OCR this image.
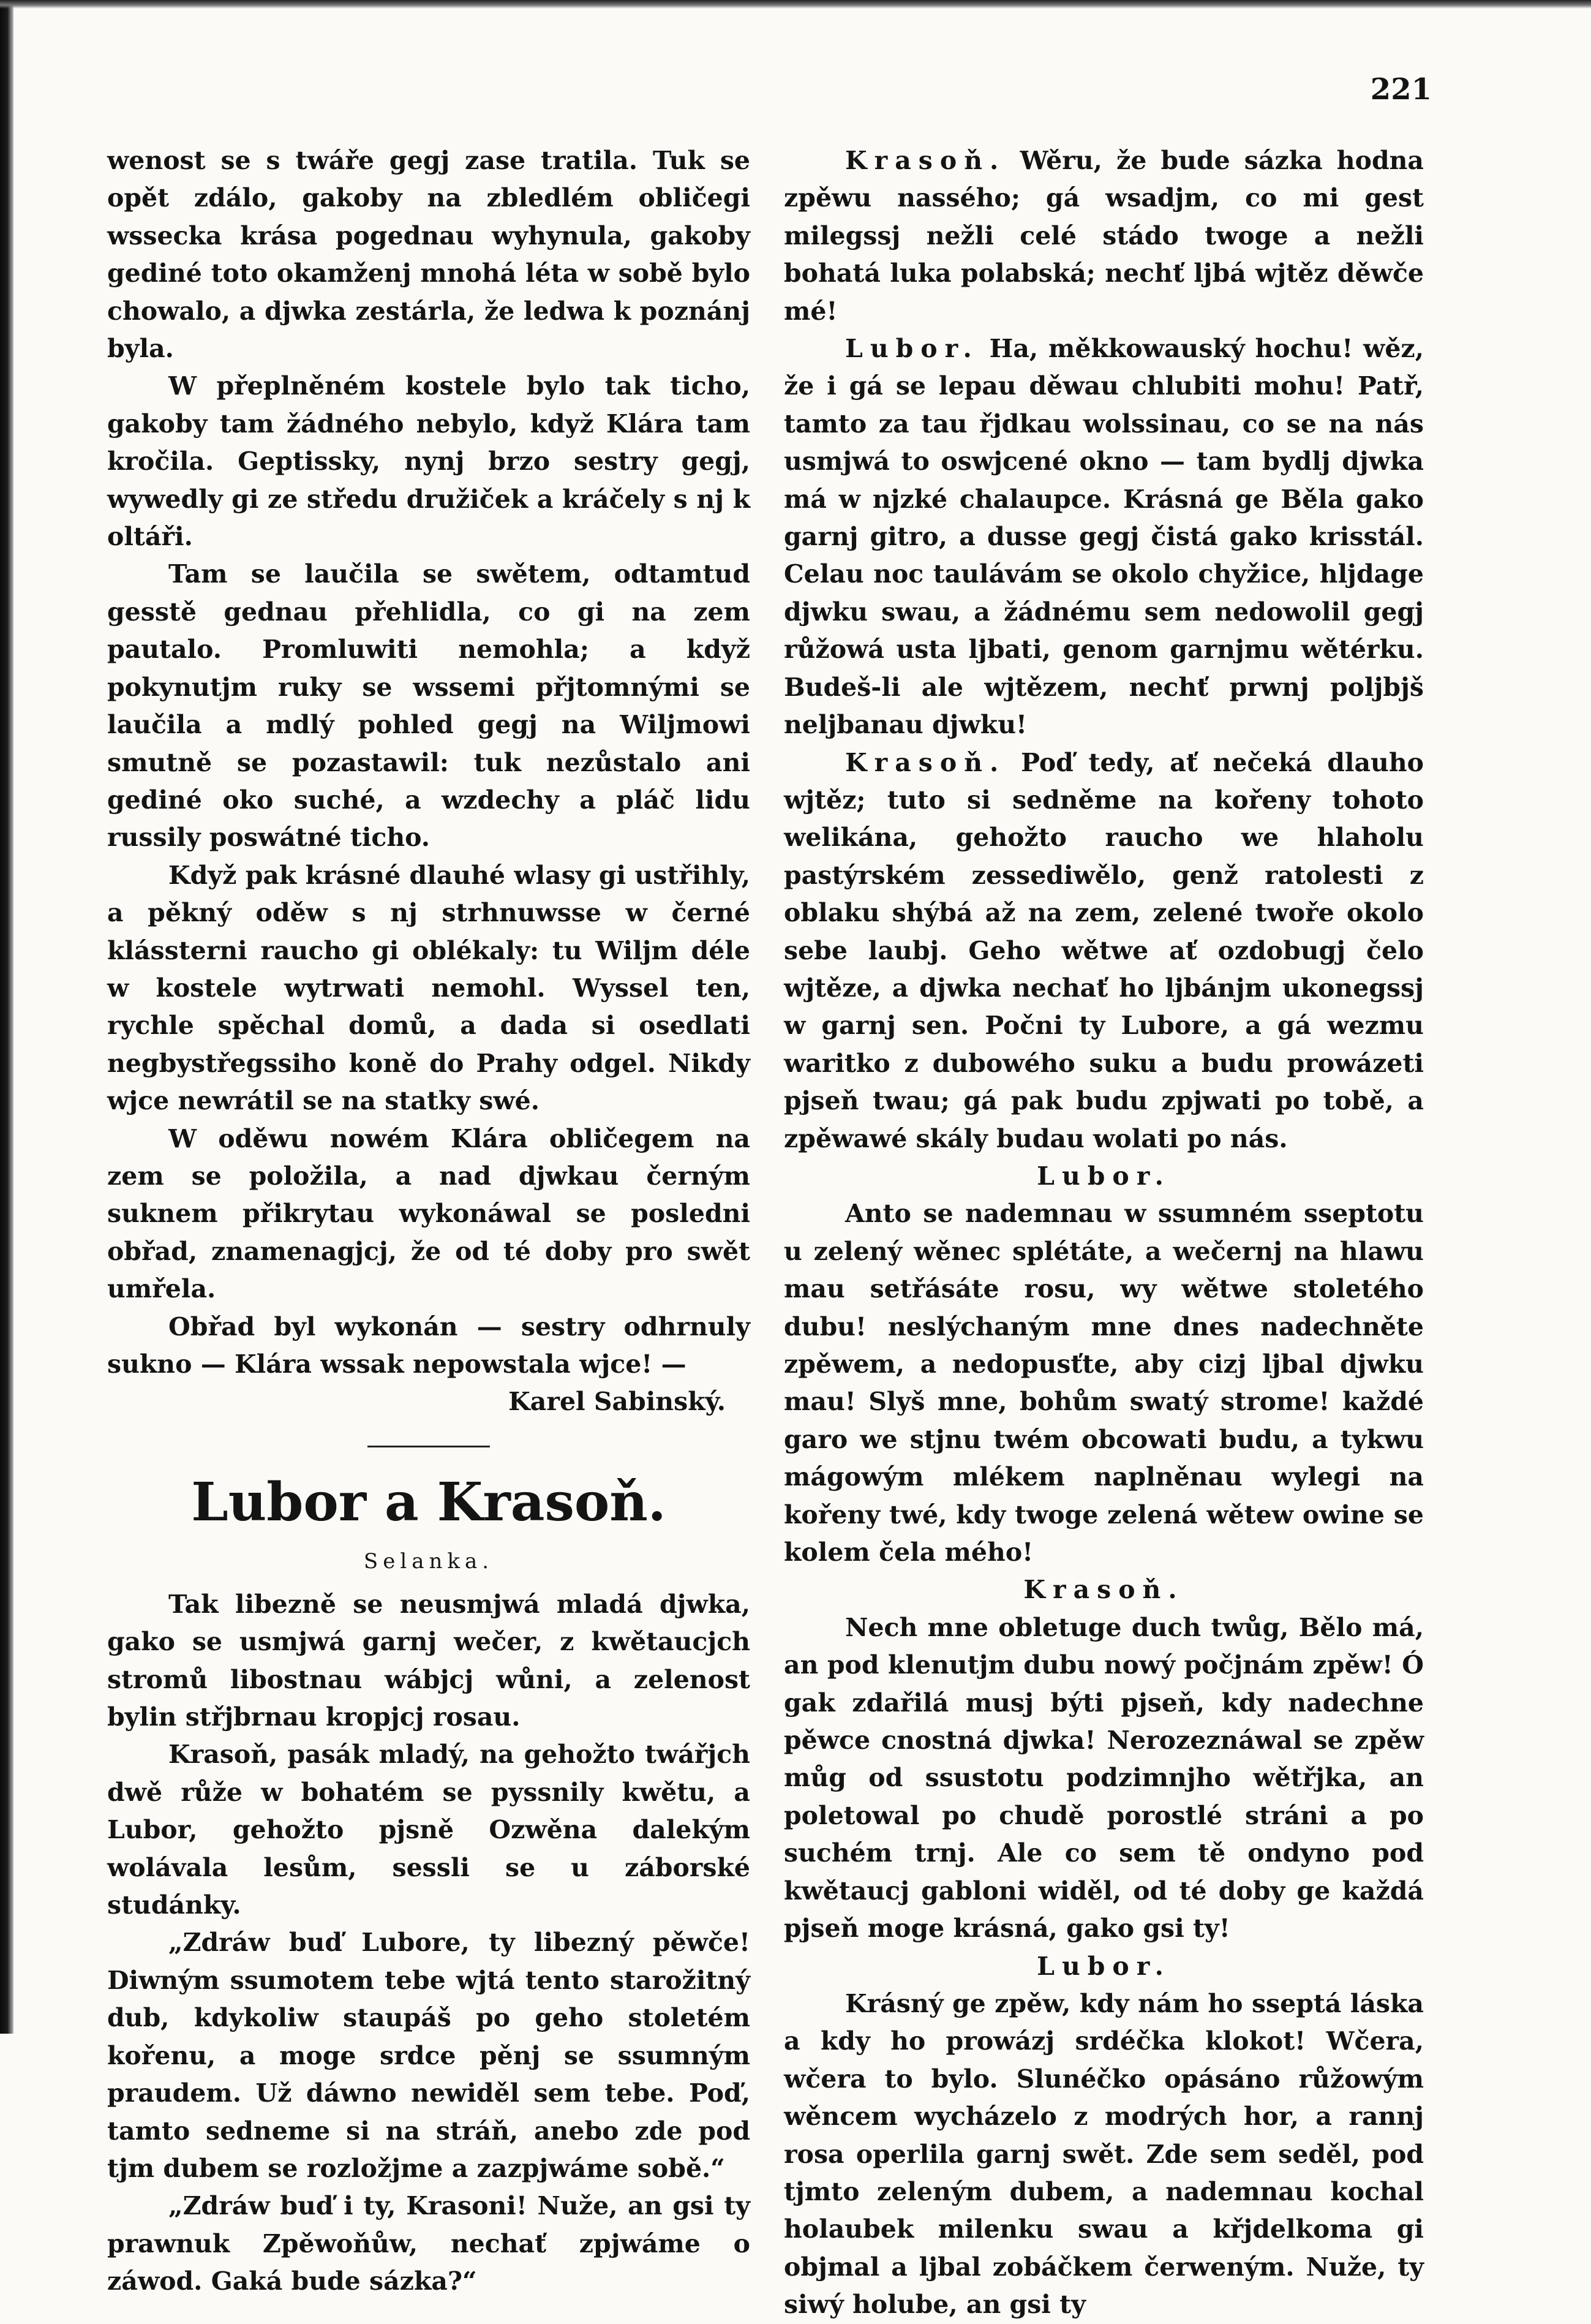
221

wenost se s twáře gegj zase tratila. Tuk se opět zdálo, gakoby na zbledlém obličegi wssecka krása pogednau wyhynula, gakoby gediné toto okamženj mnohá léta w sobě bylo chowalo, a djwka zestárla, že ledwa k poznánj byla.

W přeplněném kostele bylo tak ticho, gakoby tam žádného nebylo, když Klára tam kročila. Geptissky, nynj brzo sestry gegj, wywedly gi ze středu družiček a kráčely s nj k oltáři.

Tam se laučila se swětem, odtamtud gesstě gednau přehlidla, co gi na zem pautalo. Promluwiti nemohla; a když pokynutjm ruky se wssemi přjtomnými se laučila a mdlý pohled gegj na Wiljmowi smutně se pozastawil: tuk nezůstalo ani gediné oko suché, a wzdechy a pláč lidu russily poswátné ticho.

Když pak krásné dlauhé wlasy gi ustřihly, a pěkný oděw s nj strhnuwsse w černé klássterni raucho gi oblékaly: tu Wiljm déle w kostele wytrwati nemohl. Wyssel ten, rychle spěchal domů, a dada si osedlati negbystřegssiho koně do Prahy odgel. Nikdy wjce newrátil se na statky swé.

W oděwu nowém Klára obličegem na zem se položila, a nad djwkau černým suknem přikrytau wykonáwal se posledni obřad, znamenagjcj, že od té doby pro swět umřela.

Obřad byl wykonán — sestry odhrnuly sukno — Klára wssak nepowstala wjce! —

Karel Sabinský.

Lubor a Krasoň.
Selanka.

Tak libezně se neusmjwá mladá djwka, gako se usmjwá garnj wečer, z kwětaucjch stromů libostnau wábjcj wůni, a zelenost bylin střjbrnau kropjcj rosau.

Krasoň, pasák mladý, na gehožto twářjch dwě růže w bohatém se pyssnily kwětu, a Lubor, gehožto pjsně Ozwěna dalekým wolávala lesům, sessli se u záborské studánky.

„Zdráw buď Lubore, ty libezný pěwče! Diwným ssumotem tebe wjtá tento starožitný dub, kdykoliw staupáš po geho stoletém kořenu, a moge srdce pěnj se ssumným praudem. Už dáwno newiděl sem tebe. Poď, tamto sedneme si na stráň, anebo zde pod tjm dubem se rozložjme a zazpjwáme sobě.“

„Zdráw buď i ty, Krasoni! Nuže, an gsi ty prawnuk Zpěwoňůw, nechať zpjwáme o záwod. Gaká bude sázka?“

Krasoň. Wěru, že bude sázka hodna zpěwu nassého; gá wsadjm, co mi gest milegssj nežli celé stádo twoge a nežli bohatá luka polabská; nechť ljbá wjtěz děwče mé!

Lubor. Ha, měkkowauský hochu! wěz, že i gá se lepau děwau chlubiti mohu! Patř, tamto za tau řjdkau wolssinau, co se na nás usmjwá to oswjcené okno — tam bydlj djwka má w njzké chalaupce. Krásná ge Běla gako garnj gitro, a dusse gegj čistá gako krisstál. Celau noc taulávám se okolo chyžice, hljdage djwku swau, a žádnému sem nedowolil gegj růžowá usta ljbati, genom garnjmu wětérku. Budeš-li ale wjtězem, nechť prwnj poljbjš neljbanau djwku!

Krasoň. Poď tedy, ať nečeká dlauho wjtěz; tuto si sedněme na kořeny tohoto welikána, gehožto raucho we hlaholu pastýrském zessediwělo, genž ratolesti z oblaku shýbá až na zem, zelené twoře okolo sebe laubj. Geho wětwe ať ozdobugj čelo wjtěze, a djwka nechať ho ljbánjm ukonegssj w garnj sen. Počni ty Lubore, a gá wezmu waritko z dubowého suku a budu prowázeti pjseň twau; gá pak budu zpjwati po tobě, a zpěwawé skály budau wolati po nás.

Lubor.

Anto se nademnau w ssumném sseptotu u zelený wěnec splétáte, a wečernj na hlawu mau setřásáte rosu, wy wětwe stoletého dubu! neslýchaným mne dnes nadechněte zpěwem, a nedopusťte, aby cizj ljbal djwku mau! Slyš mne, bohům swatý strome! každé garo we stjnu twém obcowati budu, a tykwu mágowým mlékem naplněnau wylegi na kořeny twé, kdy twoge zelená wětew owine se kolem čela mého!

Krasoň.

Nech mne obletuge duch twůg, Bělo má, an pod klenutjm dubu nowý počjnám zpěw! Ó gak zdařilá musj býti pjseň, kdy nadechne pěwce cnostná djwka! Nerozeznáwal se zpěw můg od ssustotu podzimnjho wětřjka, an poletowal po chudě porostlé stráni a po suchém trnj. Ale co sem tě ondyno pod kwětaucj gabloni widěl, od té doby ge každá pjseň moge krásná, gako gsi ty!

Lubor.

Krásný ge zpěw, kdy nám ho sseptá láska a kdy ho prowázj srdéčka klokot! Wčera, wčera to bylo. Slunéčko opásáno růžowým wěncem wycházelo z modrých hor, a rannj rosa operlila garnj swět. Zde sem seděl, pod tjmto zeleným dubem, a nademnau kochal holaubek milenku swau a křjdelkoma gi objmal a ljbal zobáčkem čerweným. Nuže, ty siwý holube, an gsi ty
